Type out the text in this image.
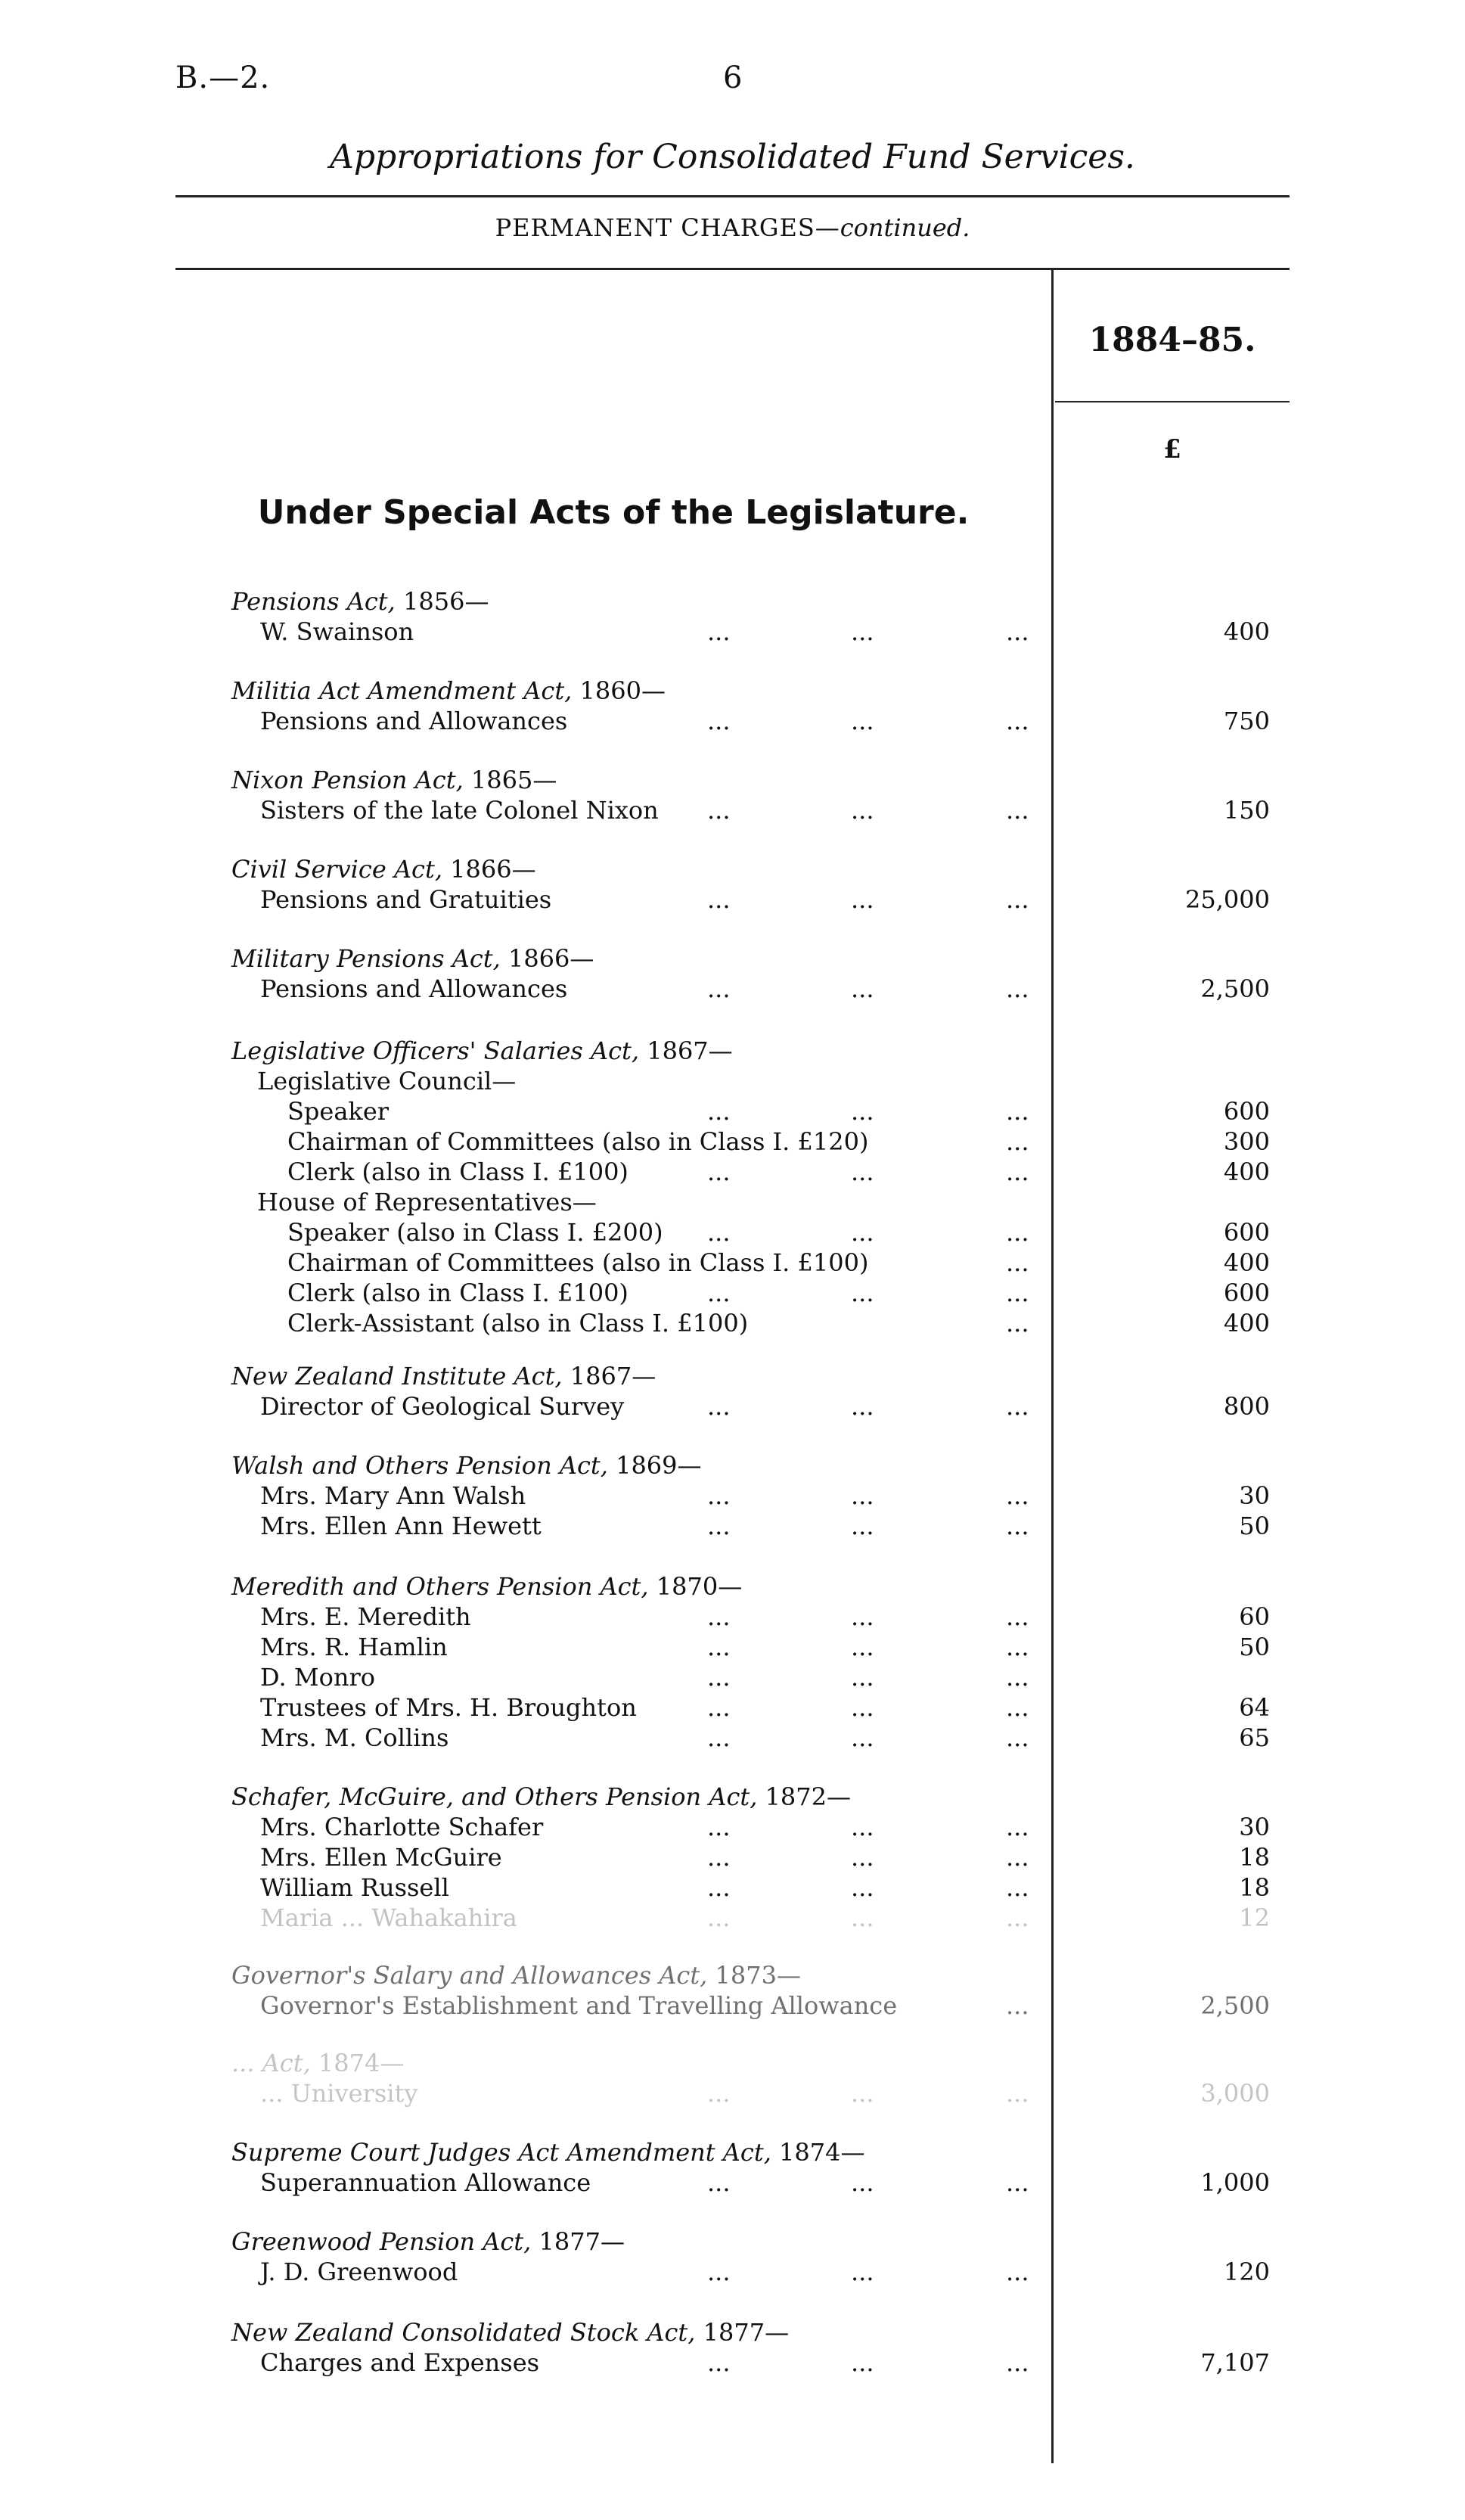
B.—2.	6
Appropriations for Consolidated Fund Services.
PERMANENT CHARGES—continued.
1884–85.
£
Under Special Acts of the Legislature.
Pensions Act, 1856—
W. Swainson	...	...	...	400
Militia Act Amendment Act, 1860—
Pensions and Allowances	...	...	...	750
Nixon Pension Act, 1865—
Sisters of the late Colonel Nixon ...	...	...	150
Civil Service Act, 1866—
Pensions and Gratuities	...	...	...	25,000
Military Pensions Act, 1866—
Pensions and Allowances	...	...	...	2,500
Legislative Officers' Salaries Act, 1867—
Legislative Council—
Speaker	...	...	...	600
Chairman of Committees (also in Class I. £120)	...	300
Clerk (also in Class I. £100)	...	...	...	400
House of Representatives—
Speaker (also in Class I. £200) ...	...	...	600
Chairman of Committees (also in Class I. £100)	...	400
Clerk (also in Class I. £100)	...	...	...	600
Clerk-Assistant (also in Class I. £100)	...	400
New Zealand Institute Act, 1867—
Director of Geological Survey	...	...	...	800
Walsh and Others Pension Act, 1869—
Mrs. Mary Ann Walsh	...	...	...	30
Mrs. Ellen Ann Hewett	...	...	...	50
Meredith and Others Pension Act, 1870—
Mrs. E. Meredith	...	...	...	60
Mrs. R. Hamlin	...	...	...	50
D. Monro	...	...	...
Trustees of Mrs. H. Broughton	...	...	...	64
Mrs. M. Collins	...	...	...	65
Schafer, McGuire, and Others Pension Act, 1872—
Mrs. Charlotte Schafer	...	...	...	30
Mrs. Ellen McGuire	...	...	...	18
William Russell	...	...	...	18
Maria ... Wahakahira	...	...	...	12
Governor's Salary and Allowances Act, 1873—
Governor's Establishment and Travelling Allowance	...	2,500
... Act, 1874—
... University	...	...	...	3,000
Supreme Court Judges Act Amendment Act, 1874—
Superannuation Allowance	...	...	...	1,000
Greenwood Pension Act, 1877—
J. D. Greenwood	...	...	...	120
New Zealand Consolidated Stock Act, 1877—
Charges and Expenses	...	...	...	7,107
